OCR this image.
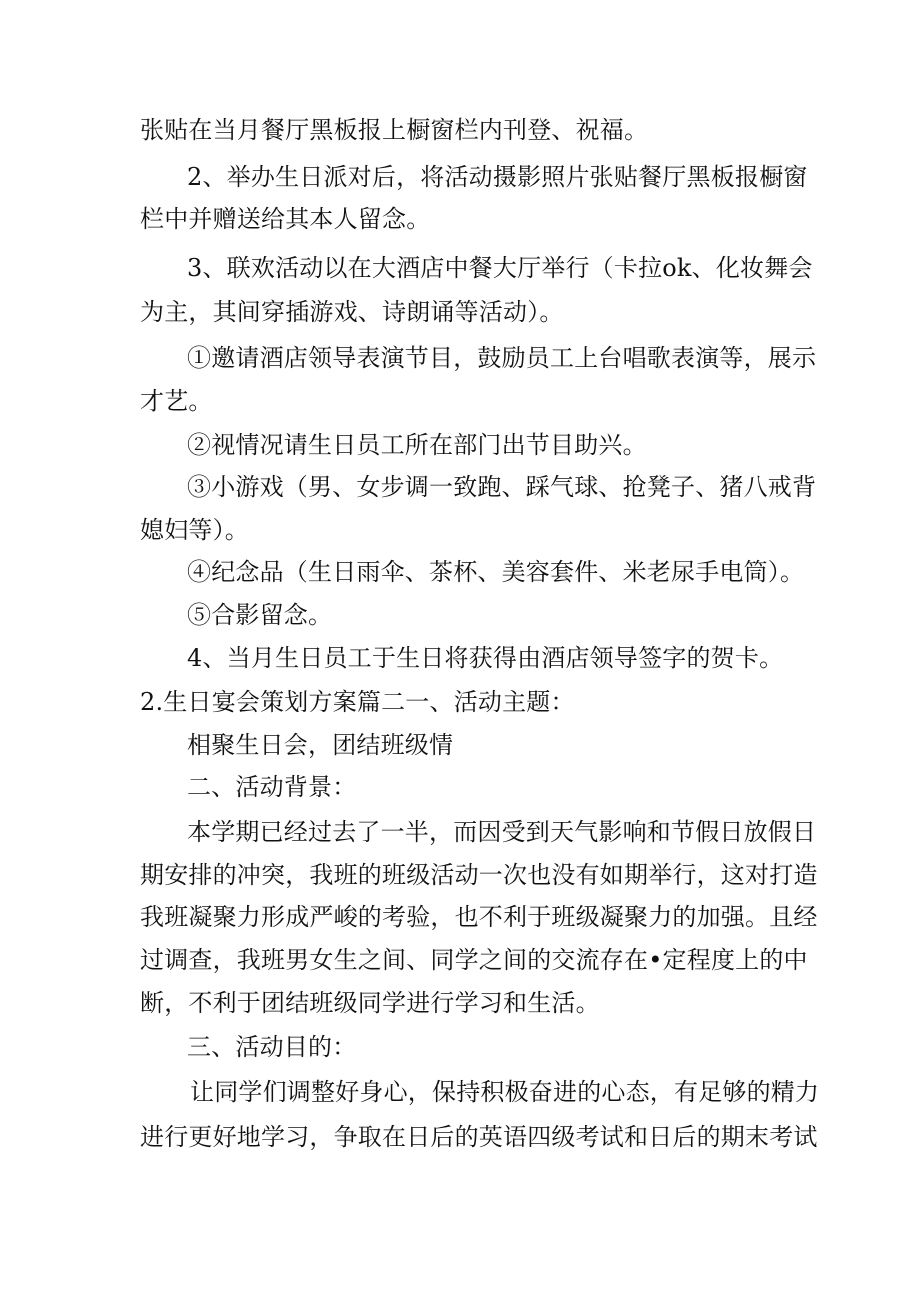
张贴在当月餐厅黑板报上橱窗栏内刊登、祝福。
2、举办生日派对后，将活动摄影照片张贴餐厅黑板报橱窗
栏中并赠送给其本人留念。
3、联欢活动以在大酒店中餐大厅举行（卡拉ok、化妆舞会
为主，其间穿插游戏、诗朗诵等活动）。
①邀请酒店领导表演节目，鼓励员工上台唱歌表演等，展示
才艺。
②视情况请生日员工所在部门出节目助兴。
③小游戏（男、女步调一致跑、踩气球、抢凳子、猪八戒背
媳妇等）。
④纪念品（生日雨伞、茶杯、美容套件、米老尿手电筒）。
⑤合影留念。
4、当月生日员工于生日将获得由酒店领导签字的贺卡。
2.生日宴会策划方案篇二一、活动主题：
相聚生日会，团结班级情
二、活动背景：
本学期已经过去了一半，而因受到天气影响和节假日放假日
期安排的冲突，我班的班级活动一次也没有如期举行，这对打造
我班凝聚力形成严峻的考验，也不利于班级凝聚力的加强。且经
过调查，我班男女生之间、同学之间的交流存在•定程度上的中
断，不利于团结班级同学进行学习和生活。
三、活动目的：
让同学们调整好身心，保持积极奋进的心态，有足够的精力
进行更好地学习，争取在日后的英语四级考试和日后的期末考试
